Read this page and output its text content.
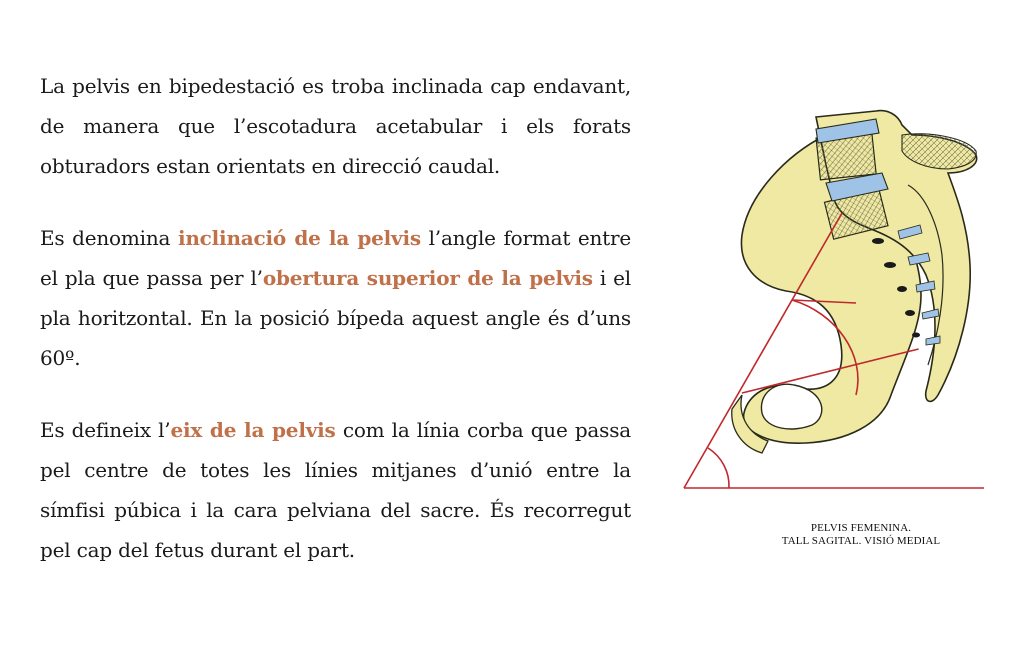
La pelvis en bipedestació es troba inclinada cap endavant, de manera que l’escotadura acetabular i els forats obturadors estan orientats en direcció caudal.

Es denomina inclinació de la pelvis l’angle format entre el pla que passa per l’obertura superior de la pelvis i el pla horitzontal. En la posició bípeda aquest angle és d’uns 60º.

Es defineix l’eix de la pelvis com la línia corba que passa pel centre de totes les línies mitjanes d’unió entre la símfisi púbica i la cara pelviana del sacre. És recorregut pel cap del fetus durant el part.

PELVIS FEMENINA.
TALL SAGITAL. VISIÓ MEDIAL
